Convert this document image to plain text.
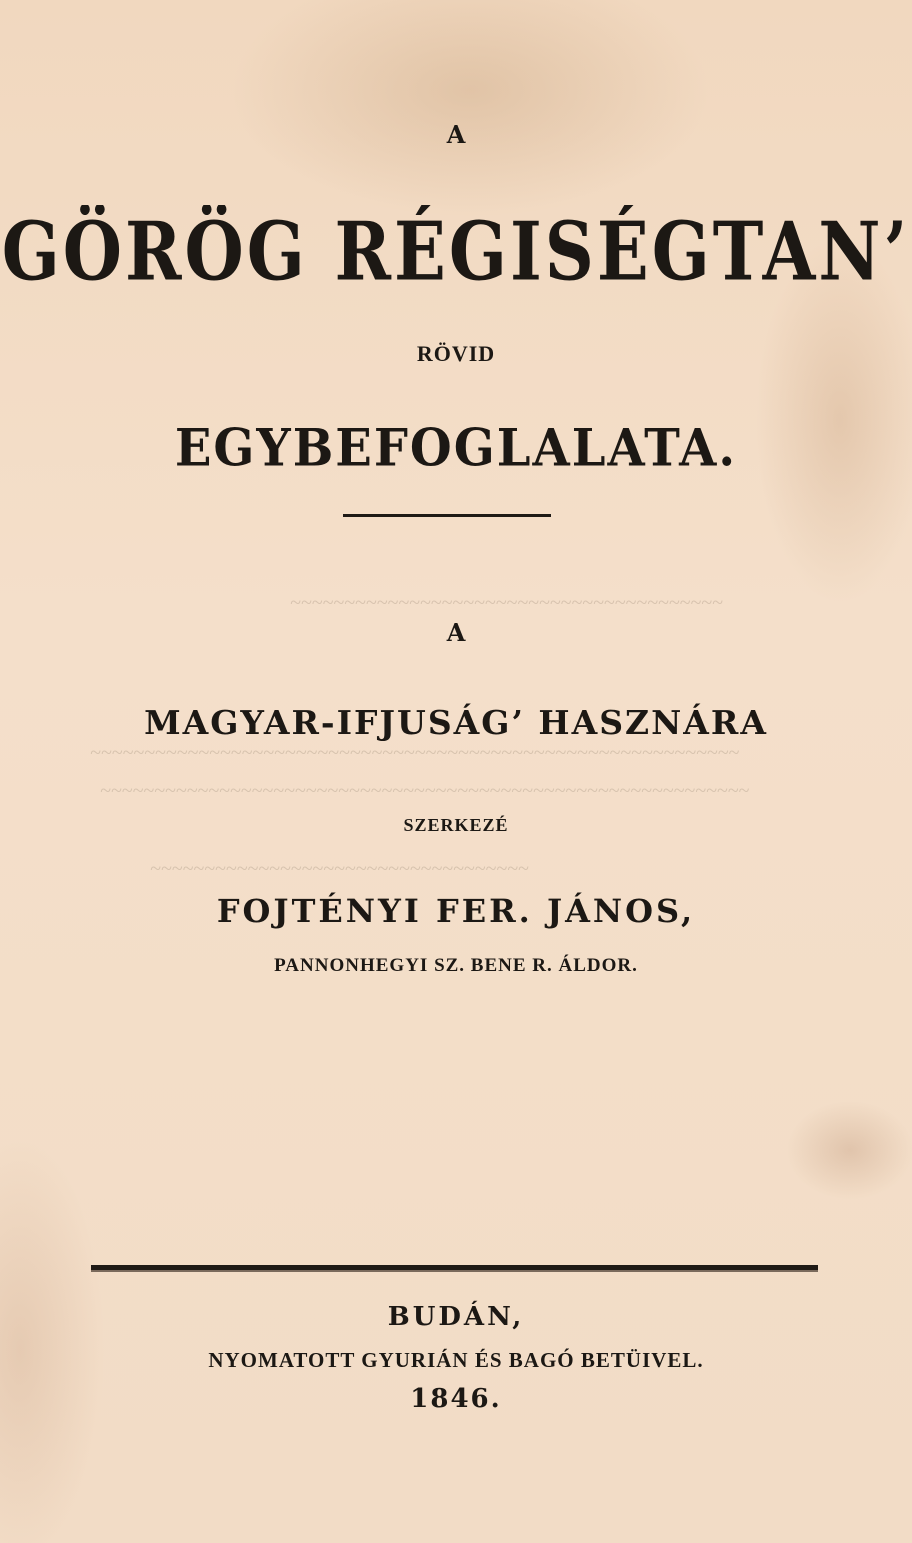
~~~~~~~~~~~~~~~~~~~~~~~~~~~~~~~~~~~~~~~~
~~~~~~~~~~~~~~~~~~~~~~~~~~~~~~~~~~~~~~~~~~~~~~~~~~~~~~~~~~~~
~~~~~~~~~~~~~~~~~~~~~~~~~~~~~~~~~~~~~~~~~~~~~~~~~~~~~~~~~~~~
~~~~~~~~~~~~~~~~~~~~~~~~~~~~~~~~~~~
A
GÖRÖG RÉGISÉGTAN’
RÖVID
EGYBEFOGLALATA.
A
MAGYAR-IFJUSÁG’ HASZNÁRA
SZERKEZÉ
FOJTÉNYI FER. JÁNOS,
PANNONHEGYI SZ. BENE R. ÁLDOR.
BUDÁN,
NYOMATOTT GYURIÁN ÉS BAGÓ BETÜIVEL.
1846.
